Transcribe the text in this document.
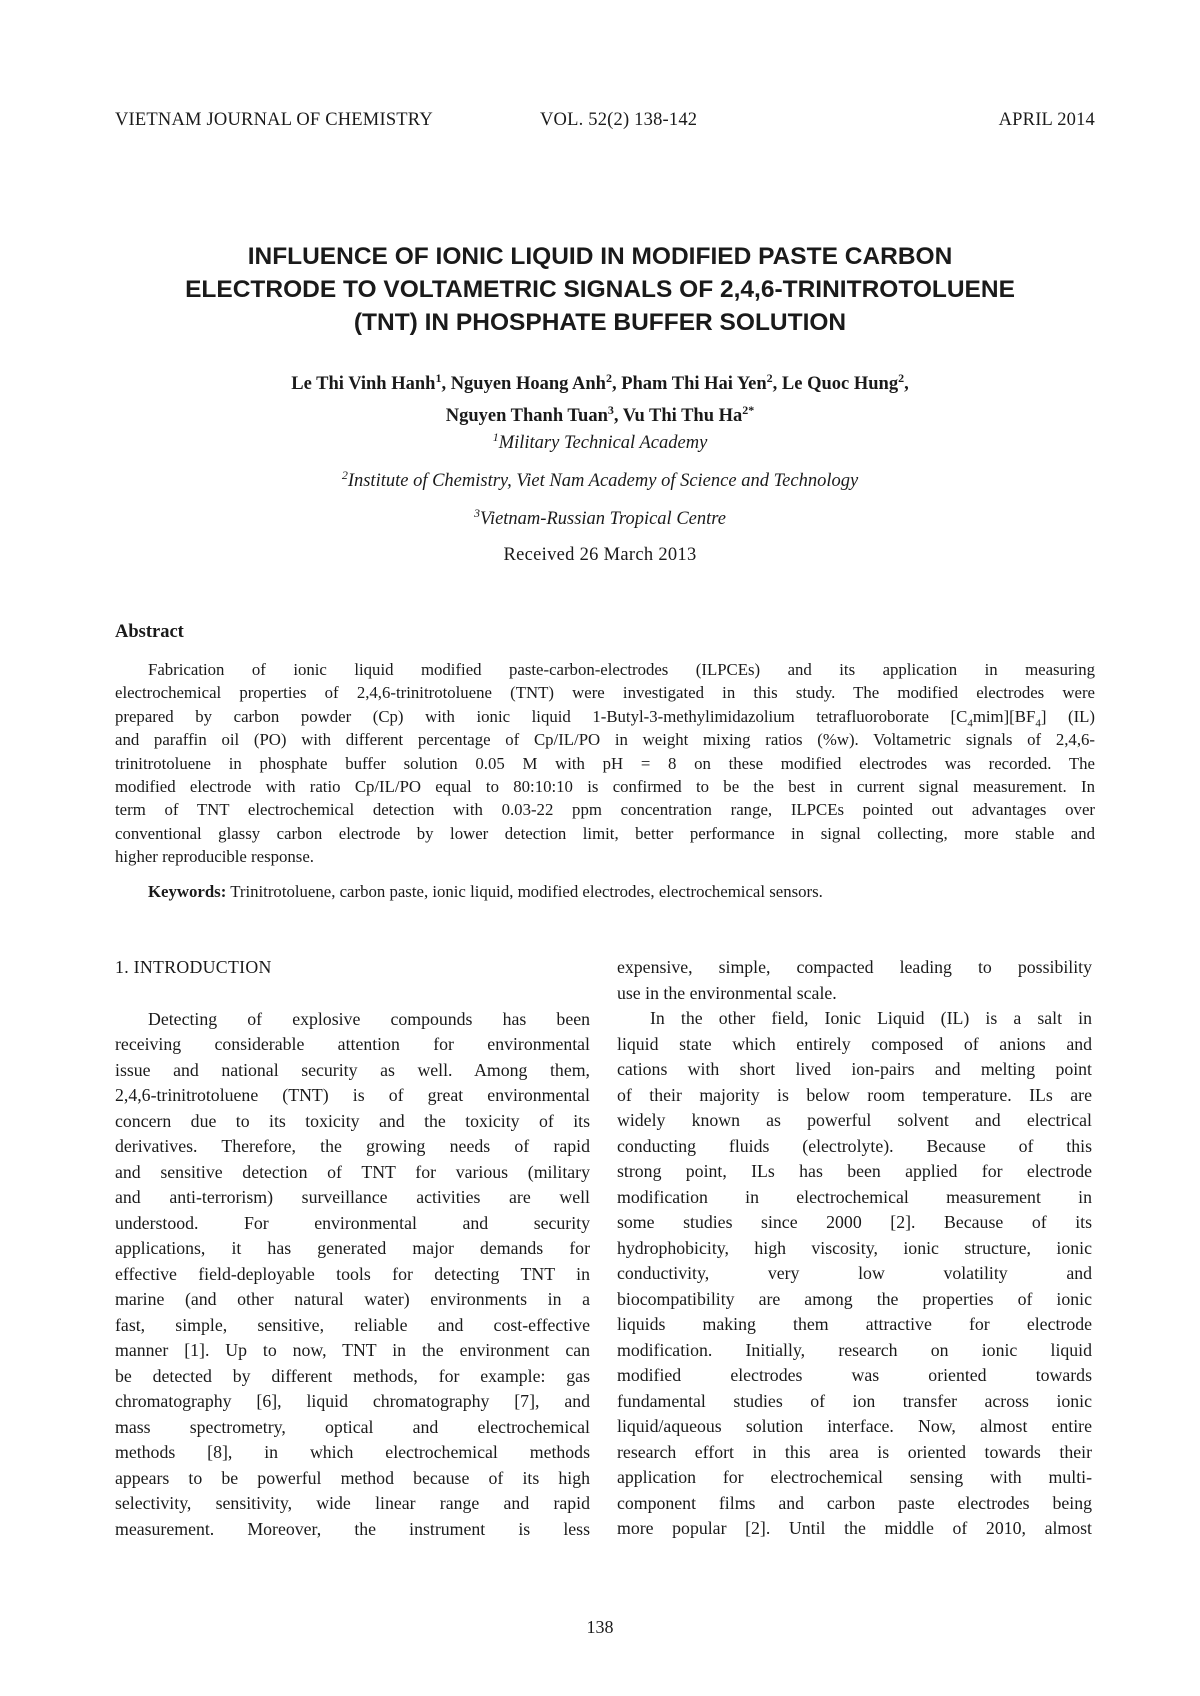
VIETNAM JOURNAL OF CHEMISTRY	VOL. 52(2) 138-142	APRIL 2014
INFLUENCE OF IONIC LIQUID IN MODIFIED PASTE CARBON
ELECTRODE TO VOLTAMETRIC SIGNALS OF 2,4,6-TRINITROTOLUENE
(TNT) IN PHOSPHATE BUFFER SOLUTION
Le Thi Vinh Hanh$^1$, Nguyen Hoang Anh$^2$, Pham Thi Hai Yen$^2$, Le Quoc Hung$^2$,
Nguyen Thanh Tuan$^3$, Vu Thi Thu $Ha^{2*}$
$^1$Military Technical Academy
$^2$Institute of Chemistry, Viet Nam Academy of Science and Technology
$^3$Vietnam-Russian Tropical Centre
Received 26 March 2013
Abstract
Fabrication of ionic liquid modified paste-carbon-electrodes (ILPCEs) and its application in measuring
electrochemical properties of 2,4,6-trinitrotoluene (TNT) were investigated in this study. The modified electrodes were
prepared by carbon powder (Cp) with ionic liquid 1-Butyl-3-methylimidazolium tetrafluoroborate $[C_4mim][BF_4]$ (IL)
and paraffin oil (PO) with different percentage of Cp/IL/PO in weight mixing ratios (%w). Voltametric signals of 2,4,6-
trinitrotoluene in phosphate buffer solution 0.05 M with pH = 8 on these modified electrodes was recorded. The
modified electrode with ratio Cp/IL/PO equal to 80:10:10 is confirmed to be the best in current signal measurement. In
term of TNT electrochemical detection with 0.03-22 ppm concentration range, ILPCEs pointed out advantages over
conventional glassy carbon electrode by lower detection limit, better performance in signal collecting, more stable and
higher reproducible response.
Keywords: Trinitrotoluene, carbon paste, ionic liquid, modified electrodes, electrochemical sensors.
1. INTRODUCTION
Detecting of explosive compounds has been
receiving considerable attention for environmental
issue and national security as well. Among them,
2,4,6-trinitrotoluene (TNT) is of great environmental
concern due to its toxicity and the toxicity of its
derivatives. Therefore, the growing needs of rapid
and sensitive detection of TNT for various (military
and anti-terrorism) surveillance activities are well
understood. For environmental and security
applications, it has generated major demands for
effective field-deployable tools for detecting TNT in
marine (and other natural water) environments in a
fast, simple, sensitive, reliable and cost-effective
manner [1]. Up to now, TNT in the environment can
be detected by different methods, for example: gas
chromatography [6], liquid chromatography [7], and
mass spectrometry, optical and electrochemical
methods [8], in which electrochemical methods
appears to be powerful method because of its high
selectivity, sensitivity, wide linear range and rapid
measurement. Moreover, the instrument is less
expensive, simple, compacted leading to possibility
use in the environmental scale.
In the other field, Ionic Liquid (IL) is a salt in
liquid state which entirely composed of anions and
cations with short lived ion-pairs and melting point
of their majority is below room temperature. ILs are
widely known as powerful solvent and electrical
conducting fluids (electrolyte). Because of this
strong point, ILs has been applied for electrode
modification in electrochemical measurement in
some studies since 2000 [2]. Because of its
hydrophobicity, high viscosity, ionic structure, ionic
conductivity, very low volatility and
biocompatibility are among the properties of ionic
liquids making them attractive for electrode
modification. Initially, research on ionic liquid
modified electrodes was oriented towards
fundamental studies of ion transfer across ionic
liquid/aqueous solution interface. Now, almost entire
research effort in this area is oriented towards their
application for electrochemical sensing with multi-
component films and carbon paste electrodes being
more popular [2]. Until the middle of 2010, almost
138
